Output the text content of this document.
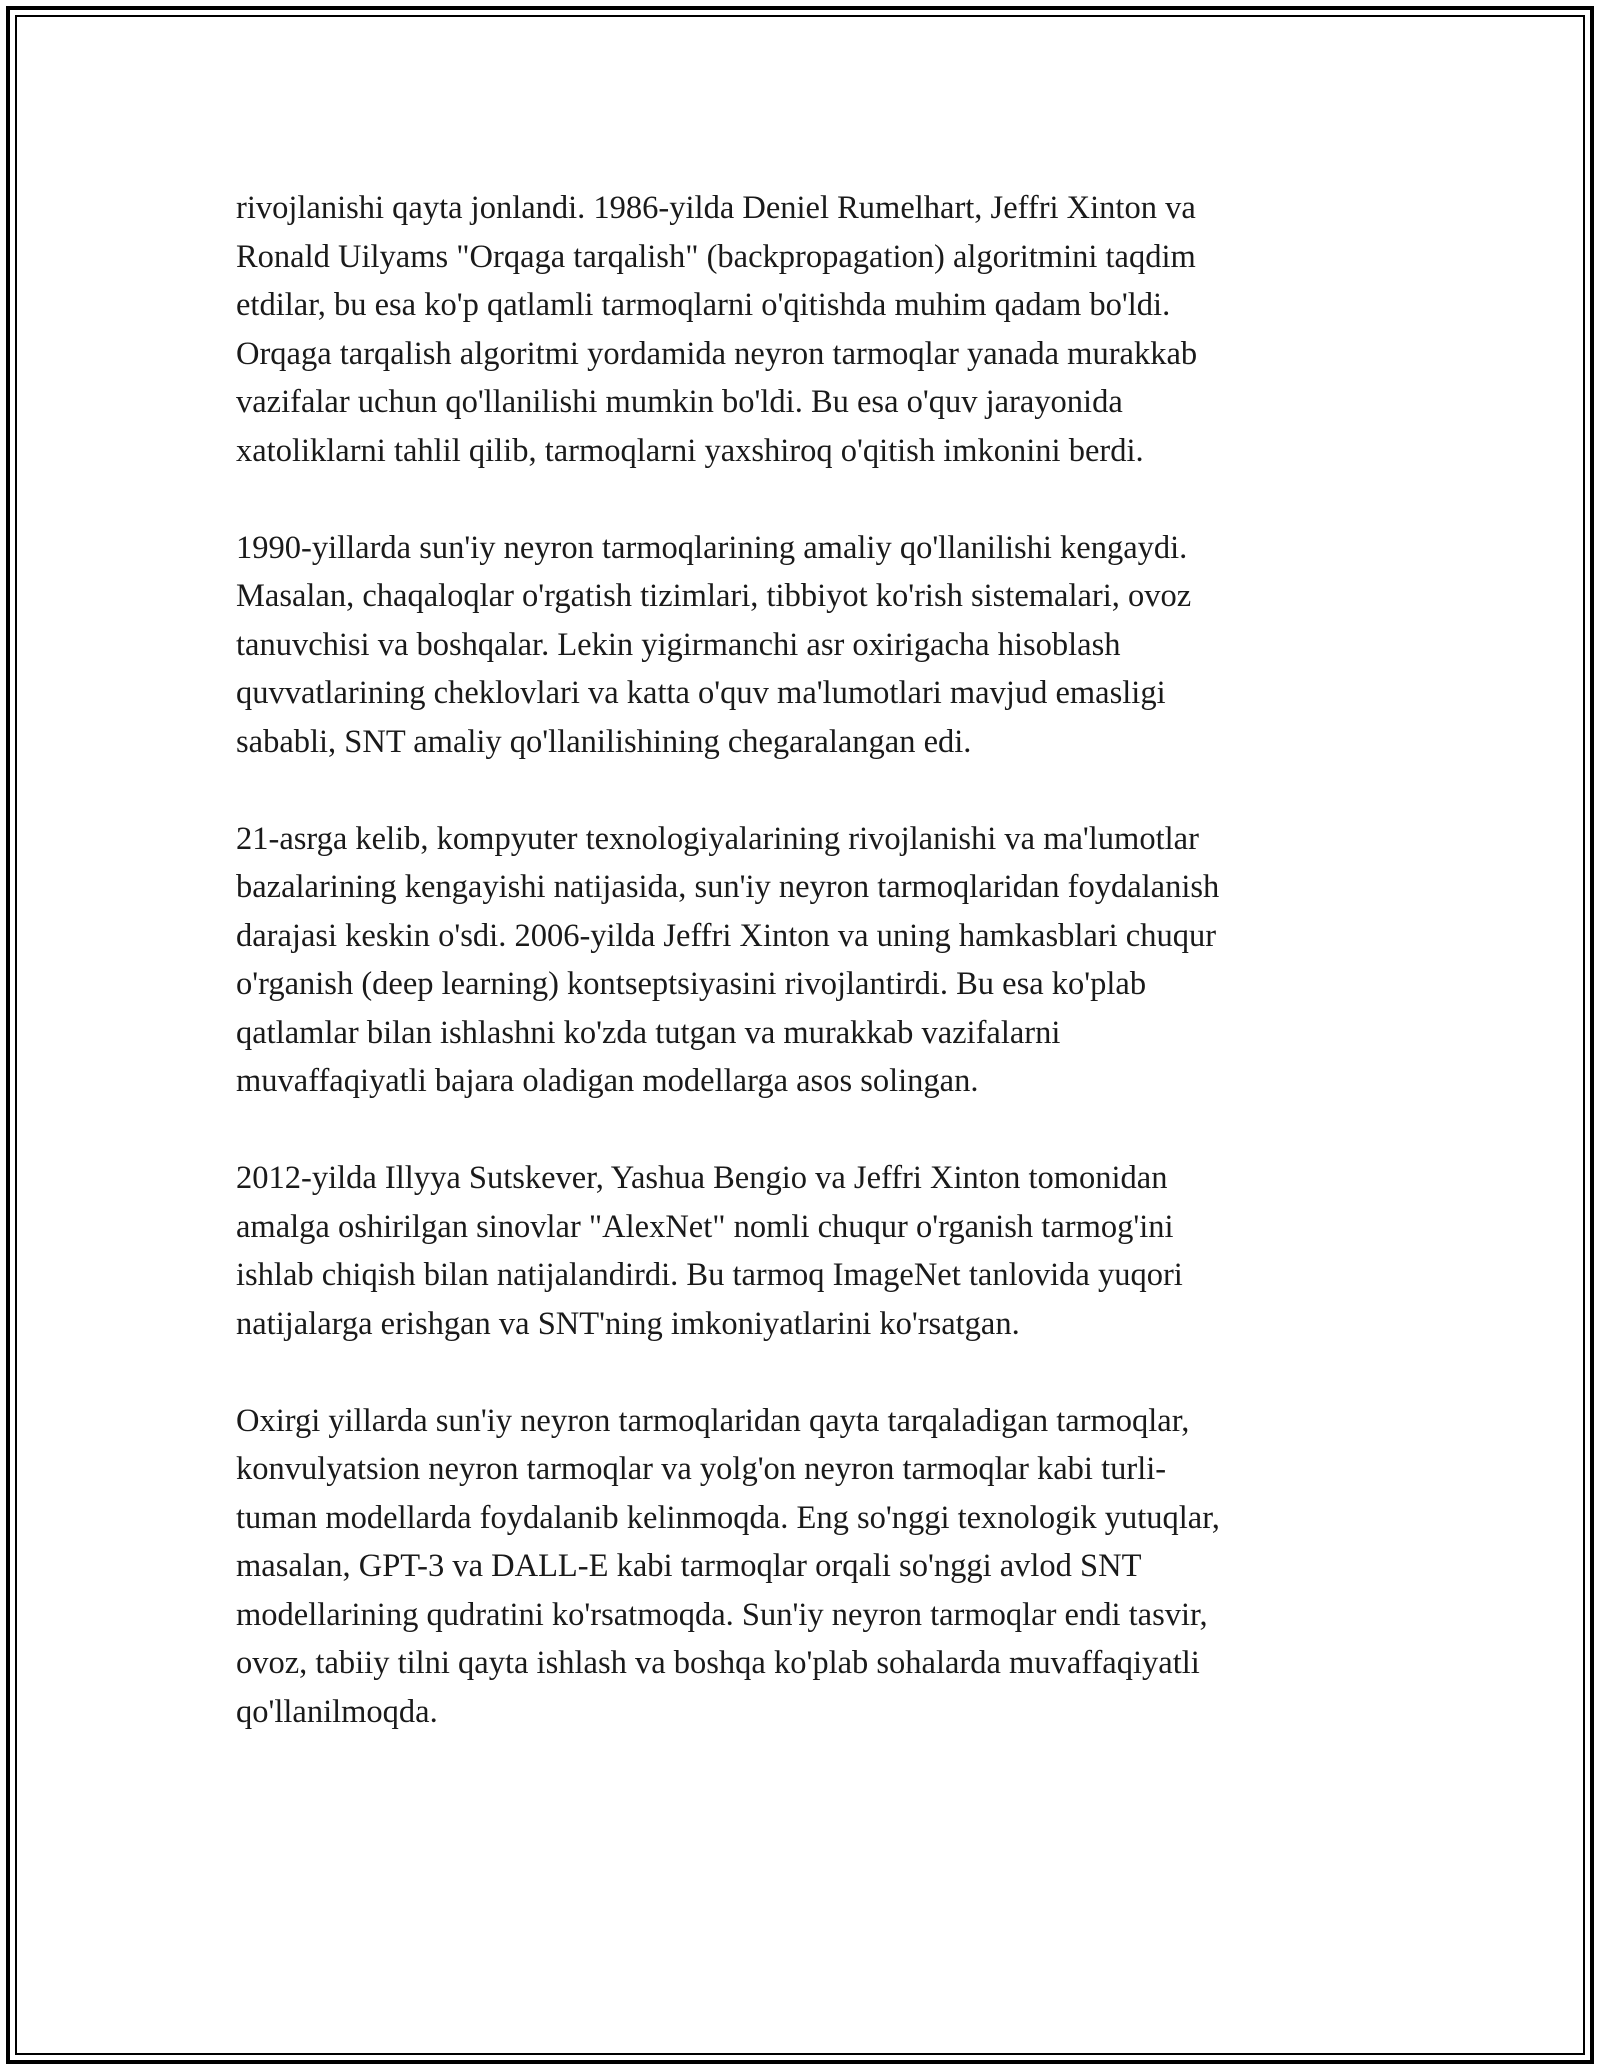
rivojlanishi qayta jonlandi. 1986-yilda Deniel Rumelhart, Jeffri Xinton va
Ronald Uilyams "Orqaga tarqalish" (backpropagation) algoritmini taqdim
etdilar, bu esa ko'p qatlamli tarmoqlarni o'qitishda muhim qadam bo'ldi.
Orqaga tarqalish algoritmi yordamida neyron tarmoqlar yanada murakkab
vazifalar uchun qo'llanilishi mumkin bo'ldi. Bu esa o'quv jarayonida
xatoliklarni tahlil qilib, tarmoqlarni yaxshiroq o'qitish imkonini berdi.

1990-yillarda sun'iy neyron tarmoqlarining amaliy qo'llanilishi kengaydi.
Masalan, chaqaloqlar o'rgatish tizimlari, tibbiyot ko'rish sistemalari, ovoz
tanuvchisi va boshqalar. Lekin yigirmanchi asr oxirigacha hisoblash
quvvatlarining cheklovlari va katta o'quv ma'lumotlari mavjud emasligi
sababli, SNT amaliy qo'llanilishining chegaralangan edi.

21-asrga kelib, kompyuter texnologiyalarining rivojlanishi va ma'lumotlar
bazalarining kengayishi natijasida, sun'iy neyron tarmoqlaridan foydalanish
darajasi keskin o'sdi. 2006-yilda Jeffri Xinton va uning hamkasblari chuqur
o'rganish (deep learning) kontseptsiyasini rivojlantirdi. Bu esa ko'plab
qatlamlar bilan ishlashni ko'zda tutgan va murakkab vazifalarni
muvaffaqiyatli bajara oladigan modellarga asos solingan.

2012-yilda Illyya Sutskever, Yashua Bengio va Jeffri Xinton tomonidan
amalga oshirilgan sinovlar "AlexNet" nomli chuqur o'rganish tarmog'ini
ishlab chiqish bilan natijalandirdi. Bu tarmoq ImageNet tanlovida yuqori
natijalarga erishgan va SNT'ning imkoniyatlarini ko'rsatgan.

Oxirgi yillarda sun'iy neyron tarmoqlaridan qayta tarqaladigan tarmoqlar,
konvulyatsion neyron tarmoqlar va yolg'on neyron tarmoqlar kabi turli-
tuman modellarda foydalanib kelinmoqda. Eng so'nggi texnologik yutuqlar,
masalan, GPT-3 va DALL-E kabi tarmoqlar orqali so'nggi avlod SNT
modellarining qudratini ko'rsatmoqda. Sun'iy neyron tarmoqlar endi tasvir,
ovoz, tabiiy tilni qayta ishlash va boshqa ko'plab sohalarda muvaffaqiyatli
qo'llanilmoqda.
